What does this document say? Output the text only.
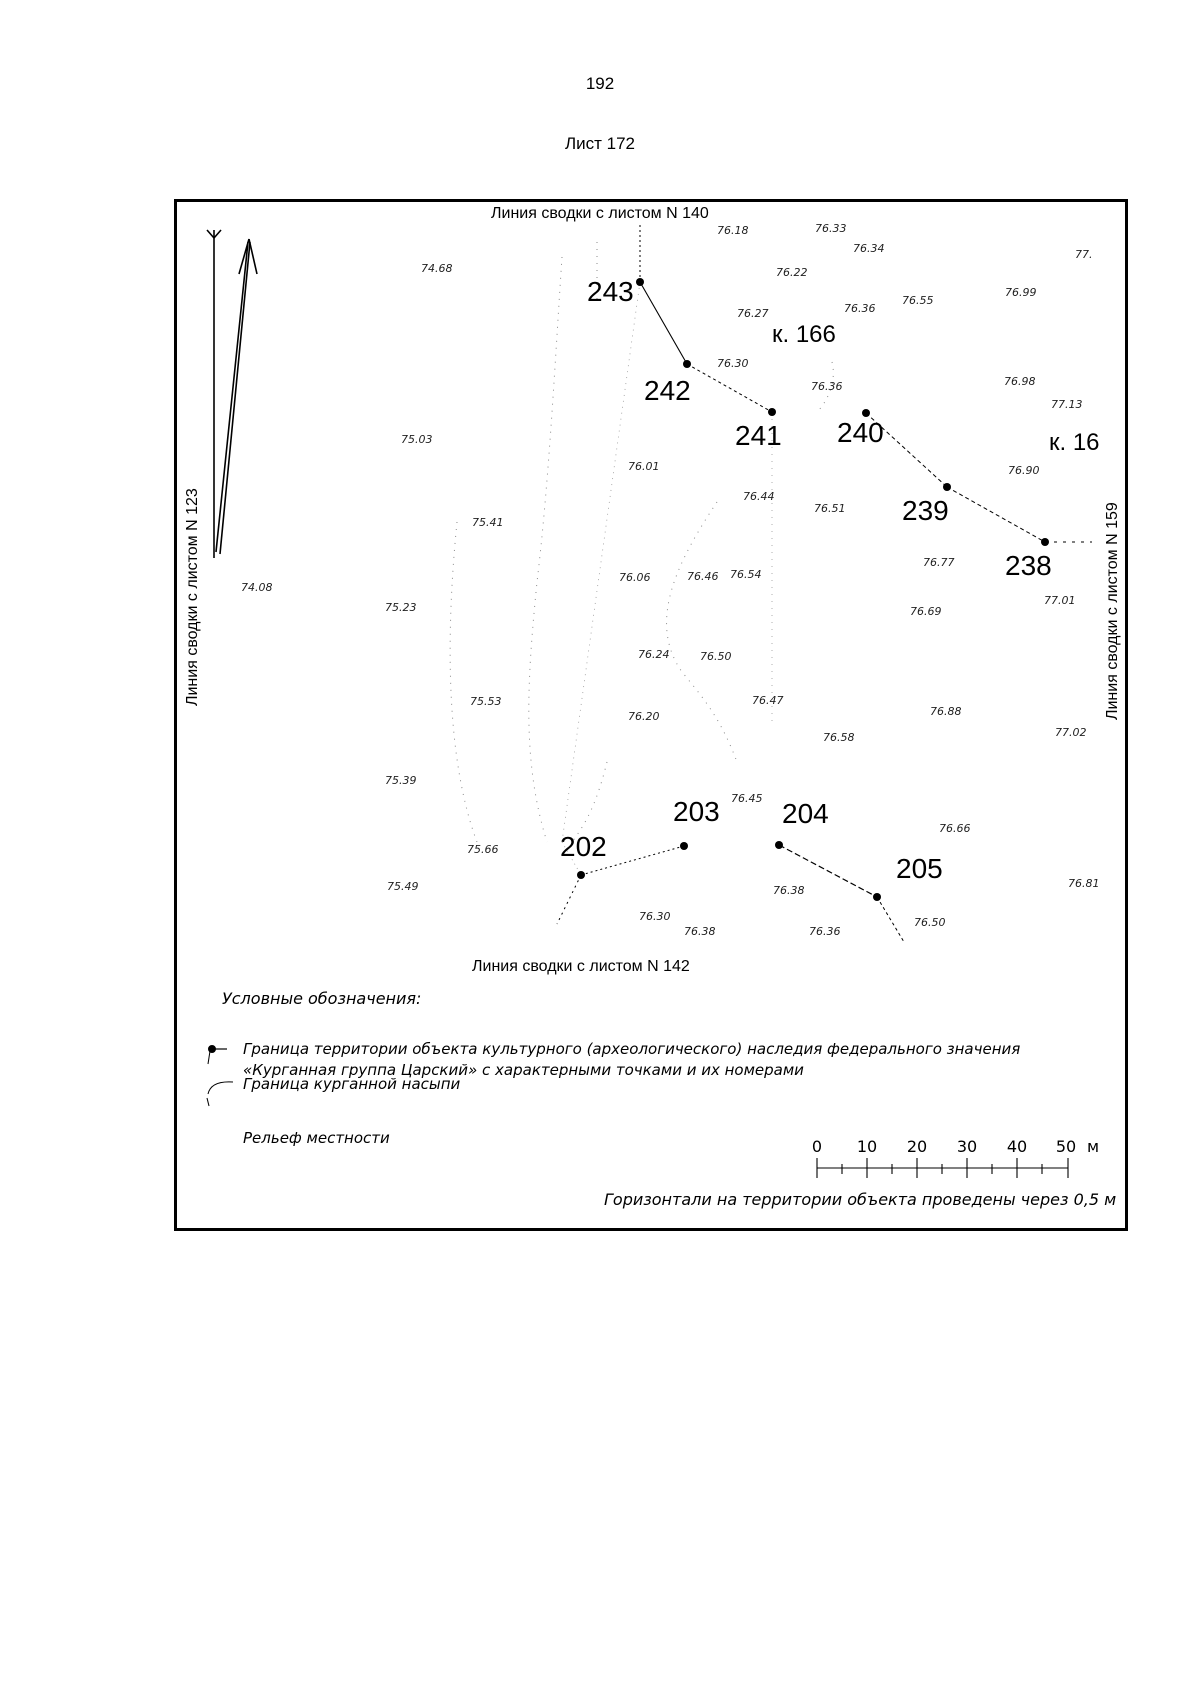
192
Лист 172
Линия сводки с листом N 140
Линия сводки с листом N 142
Линия сводки с листом N 123	Линия сводки с листом N 159
к. 166
к. 16
243
242
241 240
239
238
202
203 204
205
76.18	76.33
76.34	77.
74.68	76.22
76.27	76.36
76.55
76.99
76.30
76.36	76.98
77.13
75.03
76.01	76.90
76.44
76.51
75.41
76.77
74.08
76.06	76.46 76.54
75.23	76.69
77.01
76.24	76.50
75.53
76.20
76.47
76.88
77.02
76.58
75.39
76.45
76.66
75.66
75.49	76.38
76.81
76.30
76.38	76.36
76.50
0 10 20 30 40 50 м
Условные обозначения:
Граница территории объекта культурного (археологического) наследия федерального значения
«Курганная группа Царский» с характерными точками и их номерами
Граница курганной насыпи
Рельеф местности
Горизонтали на территории объекта проведены через 0,5 м
